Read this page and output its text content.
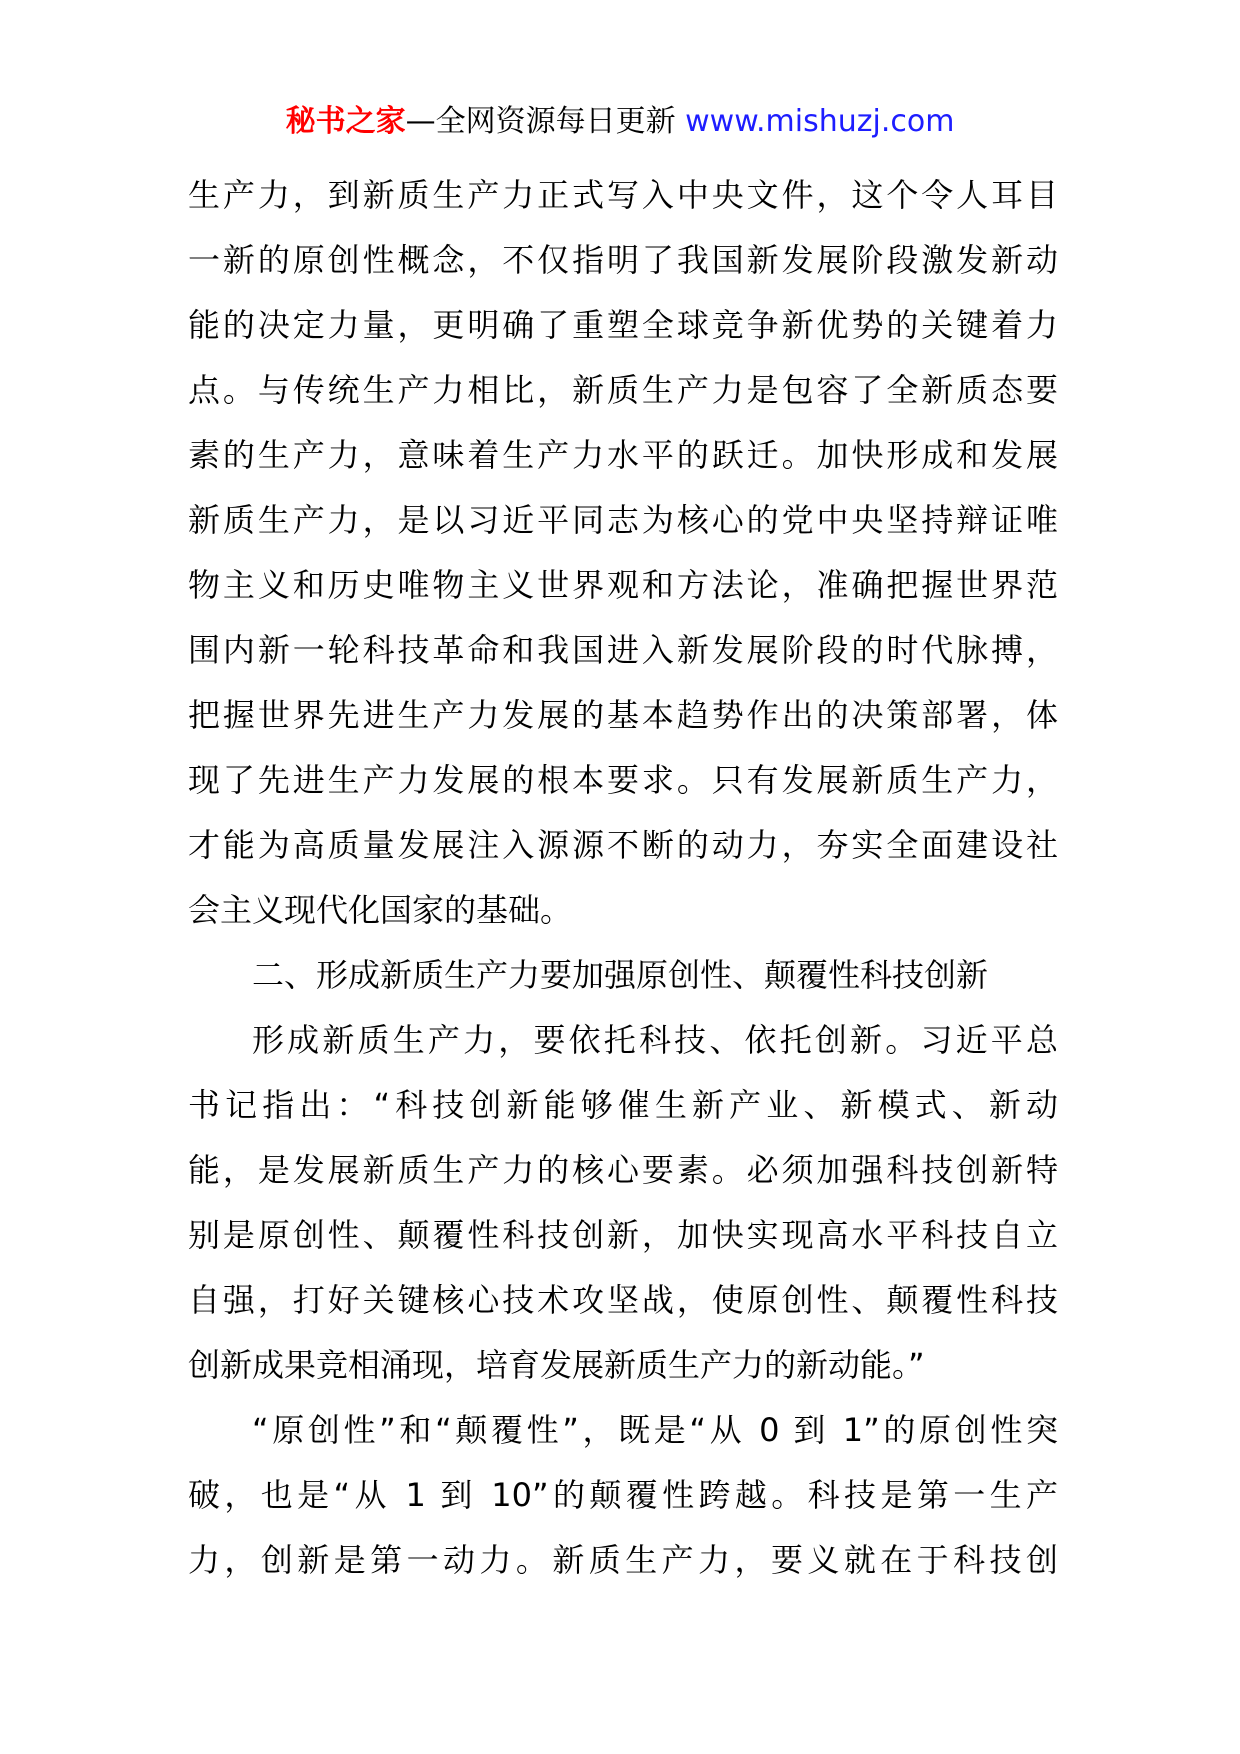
秘书之家—全网资源每日更新 www.mishuzj.com
生产力，到新质生产力正式写入中央文件，这个令人耳目
一新的原创性概念，不仅指明了我国新发展阶段激发新动
能的决定力量，更明确了重塑全球竞争新优势的关键着力
点。与传统生产力相比，新质生产力是包容了全新质态要
素的生产力，意味着生产力水平的跃迁。加快形成和发展
新质生产力，是以习近平同志为核心的党中央坚持辩证唯
物主义和历史唯物主义世界观和方法论，准确把握世界范
围内新一轮科技革命和我国进入新发展阶段的时代脉搏，
把握世界先进生产力发展的基本趋势作出的决策部署，体
现了先进生产力发展的根本要求。只有发展新质生产力，
才能为高质量发展注入源源不断的动力，夯实全面建设社
会主义现代化国家的基础。
二、形成新质生产力要加强原创性、颠覆性科技创新
形成新质生产力，要依托科技、依托创新。习近平总
书记指出：“科技创新能够催生新产业、新模式、新动
能，是发展新质生产力的核心要素。必须加强科技创新特
别是原创性、颠覆性科技创新，加快实现高水平科技自立
自强，打好关键核心技术攻坚战，使原创性、颠覆性科技
创新成果竞相涌现，培育发展新质生产力的新动能。”
“原创性”和“颠覆性”，既是“从 0 到 1”的原创性突
破，也是“从 1 到 10”的颠覆性跨越。科技是第一生产
力，创新是第一动力。新质生产力，要义就在于科技创
